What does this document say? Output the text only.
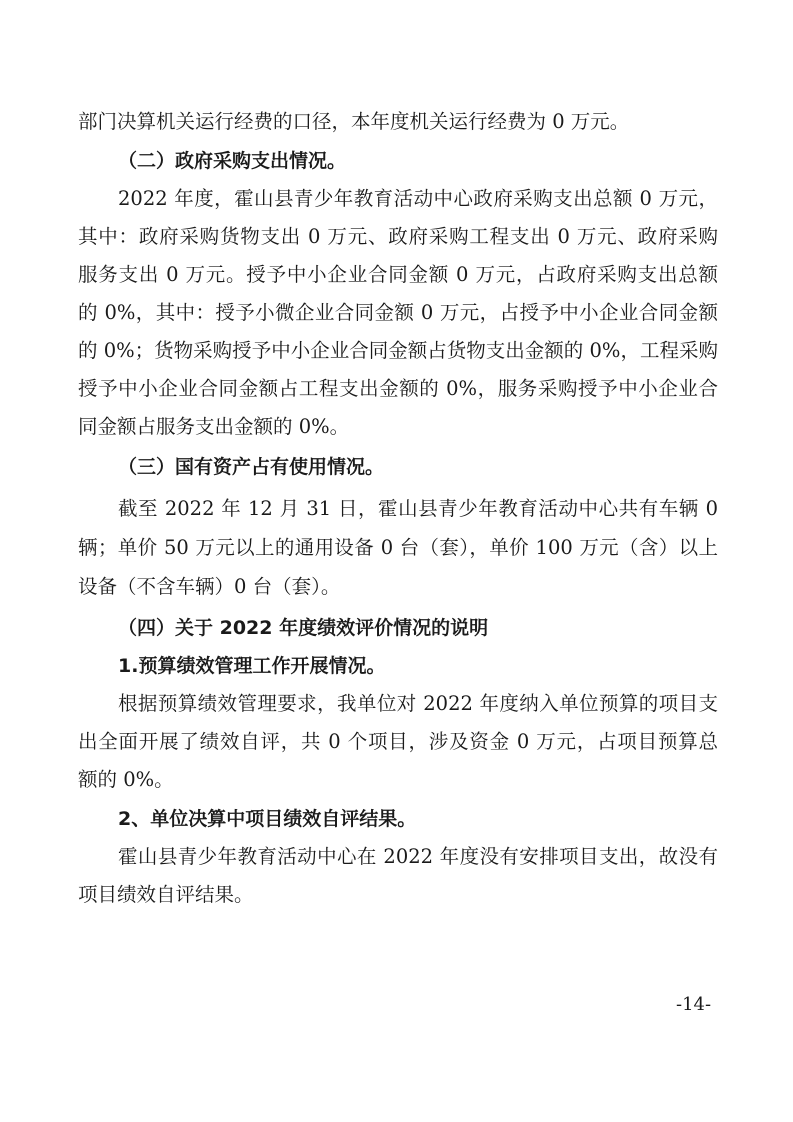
部门决算机关运行经费的口径，本年度机关运行经费为 0 万元。
（二）政府采购支出情况。
2022 年度，霍山县青少年教育活动中心政府采购支出总额 0 万元，
其中：政府采购货物支出 0 万元、政府采购工程支出 0 万元、政府采购
服务支出 0 万元。授予中小企业合同金额 0 万元，占政府采购支出总额
的 0%，其中：授予小微企业合同金额 0 万元，占授予中小企业合同金额
的 0%；货物采购授予中小企业合同金额占货物支出金额的 0%，工程采购
授予中小企业合同金额占工程支出金额的 0%，服务采购授予中小企业合
同金额占服务支出金额的 0%。
（三）国有资产占有使用情况。
截至 2022 年 12 月 31 日，霍山县青少年教育活动中心共有车辆 0
辆；单价 50 万元以上的通用设备 0 台（套），单价 100 万元（含）以上
设备（不含车辆）0 台（套）。
（四）关于 2022 年度绩效评价情况的说明
1.预算绩效管理工作开展情况。
根据预算绩效管理要求，我单位对 2022 年度纳入单位预算的项目支
出全面开展了绩效自评，共 0 个项目，涉及资金 0 万元，占项目预算总
额的 0%。
2、单位决算中项目绩效自评结果。
霍山县青少年教育活动中心在 2022 年度没有安排项目支出，故没有
项目绩效自评结果。
-14-
